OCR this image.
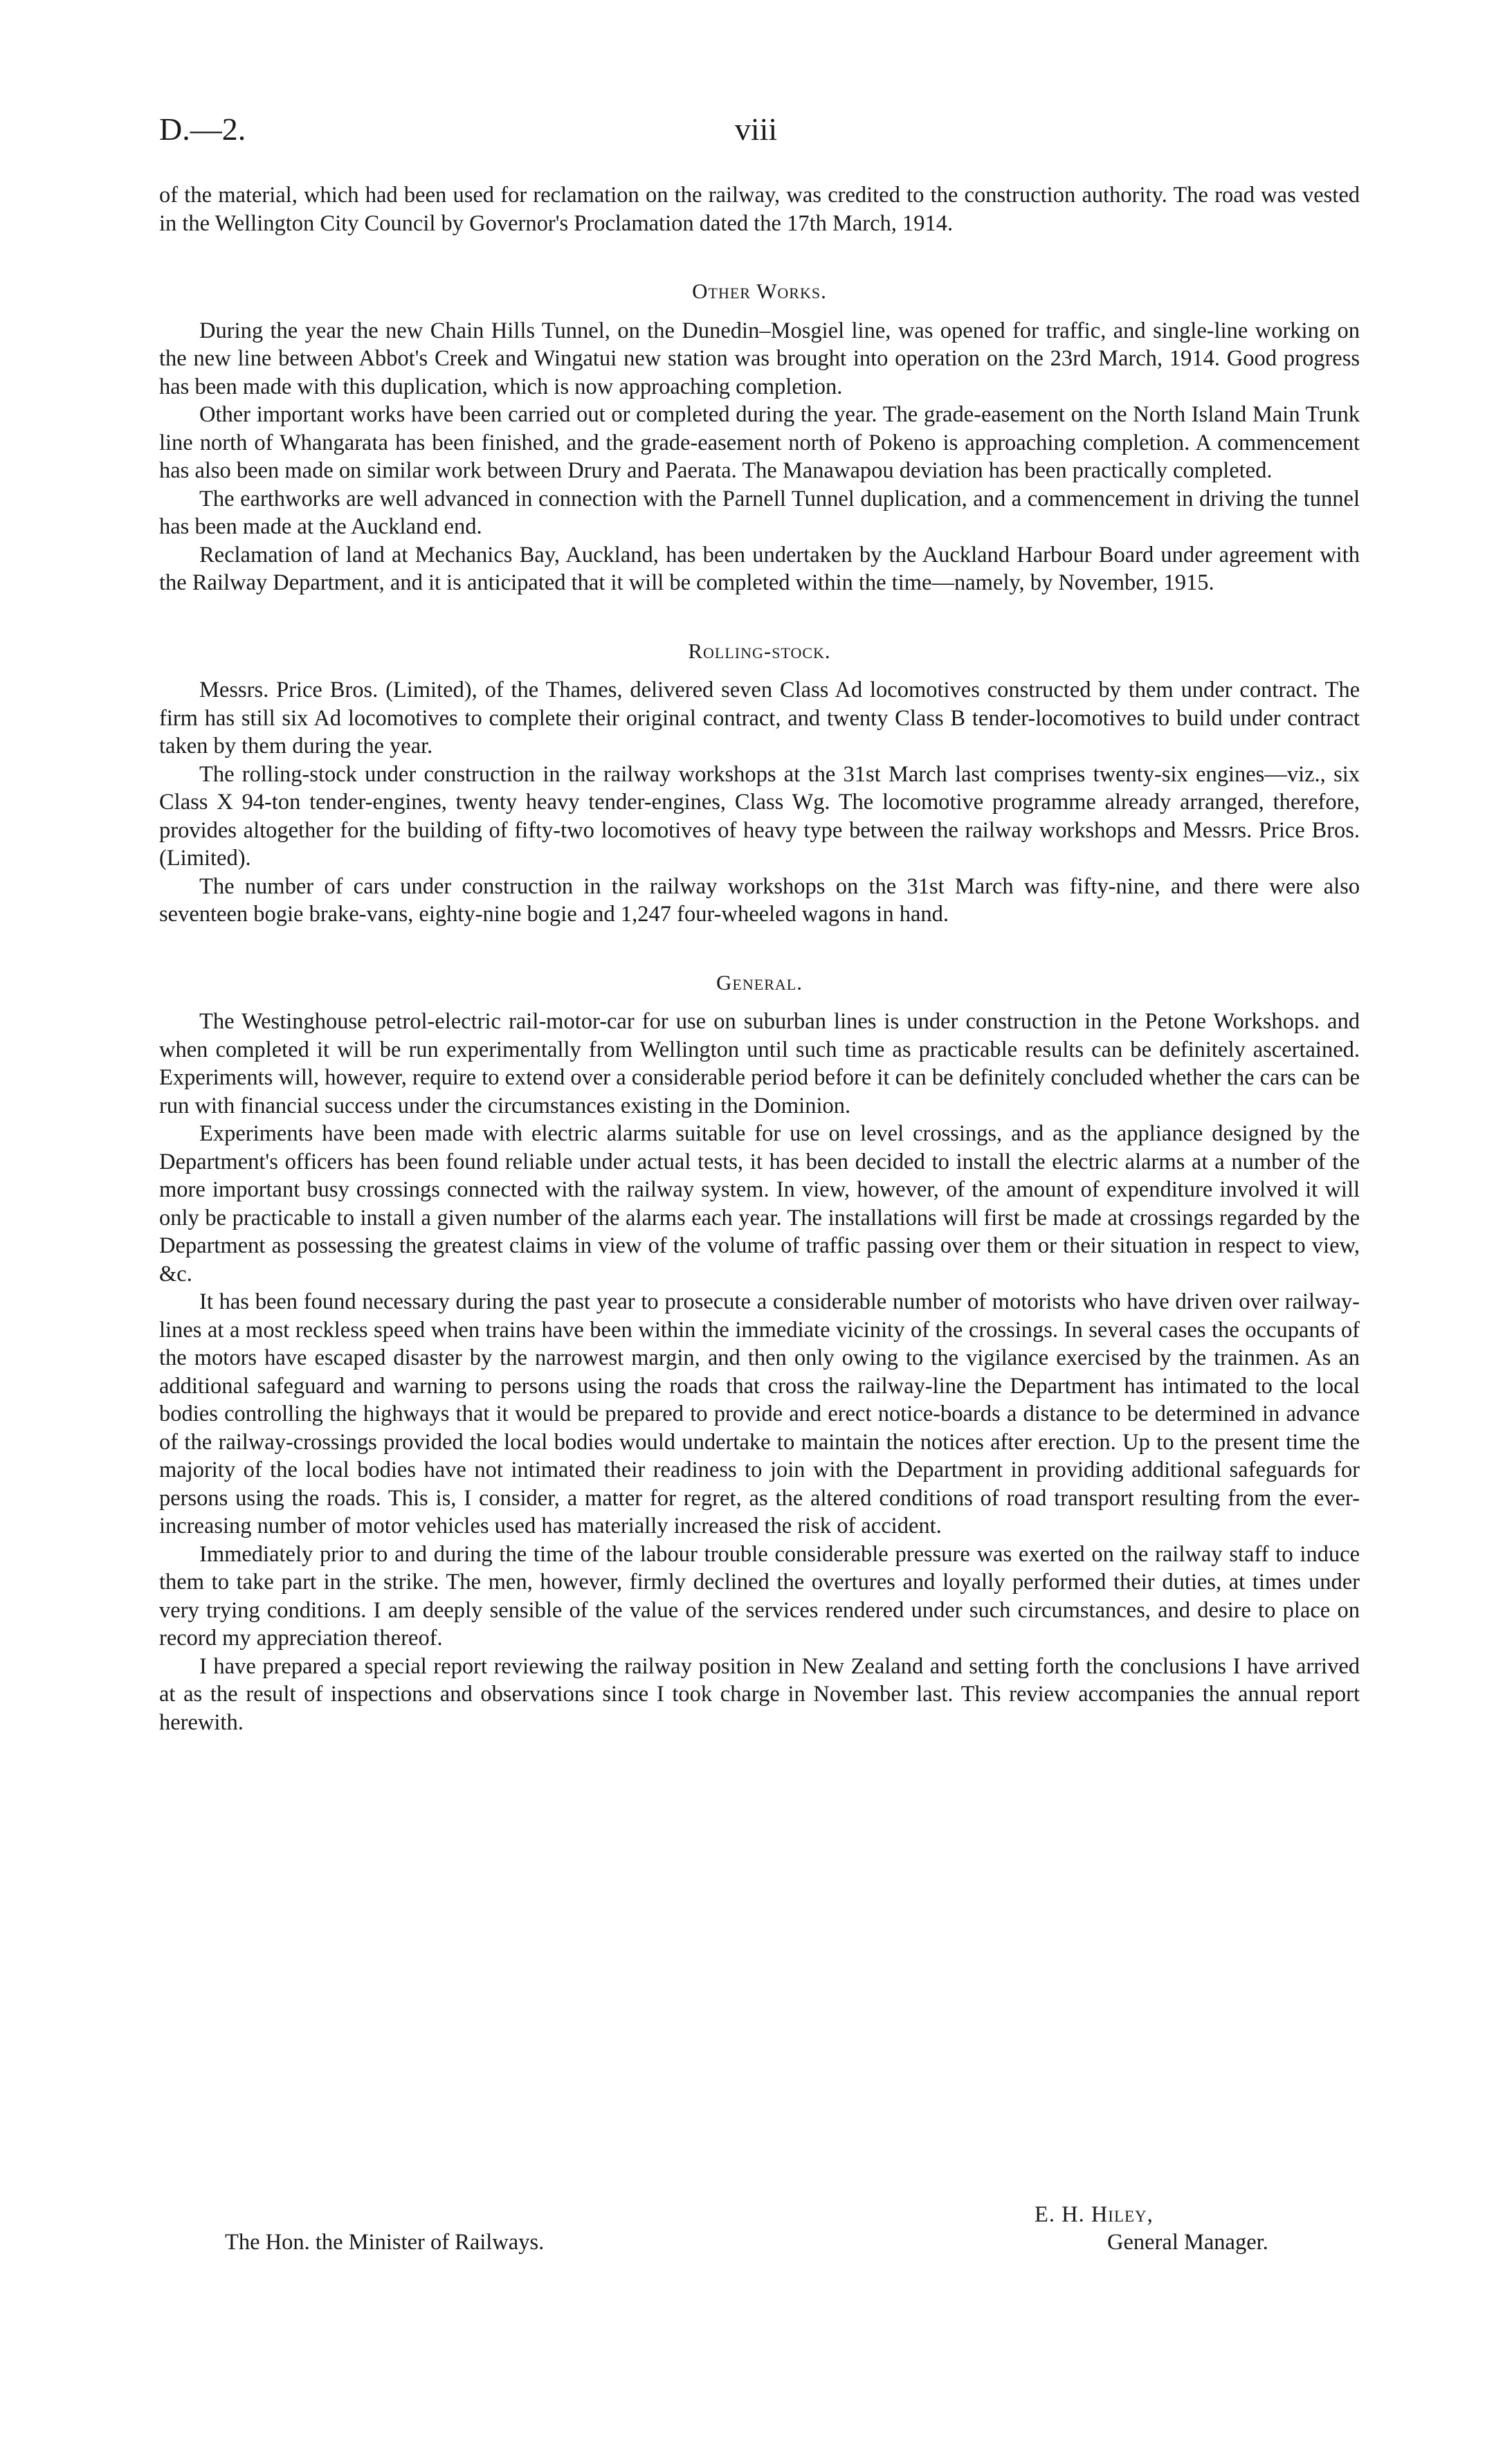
D.—2.	viii

of the material, which had been used for reclamation on the railway, was credited to the construction authority. The road was vested in the Wellington City Council by Governor's Proclamation dated the 17th March, 1914.

Other Works.

During the year the new Chain Hills Tunnel, on the Dunedin–Mosgiel line, was opened for traffic, and single-line working on the new line between Abbot's Creek and Wingatui new station was brought into operation on the 23rd March, 1914. Good progress has been made with this duplication, which is now approaching completion.

Other important works have been carried out or completed during the year. The grade-easement on the North Island Main Trunk line north of Whangarata has been finished, and the grade-easement north of Pokeno is approaching completion. A commencement has also been made on similar work between Drury and Paerata. The Manawapou deviation has been practically completed.

The earthworks are well advanced in connection with the Parnell Tunnel duplication, and a commencement in driving the tunnel has been made at the Auckland end.

Reclamation of land at Mechanics Bay, Auckland, has been undertaken by the Auckland Harbour Board under agreement with the Railway Department, and it is anticipated that it will be completed within the time—namely, by November, 1915.

Rolling-stock.

Messrs. Price Bros. (Limited), of the Thames, delivered seven Class Ad locomotives constructed by them under contract. The firm has still six Ad locomotives to complete their original contract, and twenty Class B tender-locomotives to build under contract taken by them during the year.

The rolling-stock under construction in the railway workshops at the 31st March last comprises twenty-six engines—viz., six Class X 94-ton tender-engines, twenty heavy tender-engines, Class Wg. The locomotive programme already arranged, therefore, provides altogether for the building of fifty-two locomotives of heavy type between the railway workshops and Messrs. Price Bros. (Limited).

The number of cars under construction in the railway workshops on the 31st March was fifty-nine, and there were also seventeen bogie brake-vans, eighty-nine bogie and 1,247 four-wheeled wagons in hand.

General.

The Westinghouse petrol-electric rail-motor-car for use on suburban lines is under construction in the Petone Workshops. and when completed it will be run experimentally from Wellington until such time as practicable results can be definitely ascertained. Experiments will, however, require to extend over a considerable period before it can be definitely concluded whether the cars can be run with financial success under the circumstances existing in the Dominion.

Experiments have been made with electric alarms suitable for use on level crossings, and as the appliance designed by the Department's officers has been found reliable under actual tests, it has been decided to install the electric alarms at a number of the more important busy crossings connected with the railway system. In view, however, of the amount of expenditure involved it will only be practicable to install a given number of the alarms each year. The installations will first be made at crossings regarded by the Department as possessing the greatest claims in view of the volume of traffic passing over them or their situation in respect to view, &c.

It has been found necessary during the past year to prosecute a considerable number of motorists who have driven over railway-lines at a most reckless speed when trains have been within the immediate vicinity of the crossings. In several cases the occupants of the motors have escaped disaster by the narrowest margin, and then only owing to the vigilance exercised by the trainmen. As an additional safeguard and warning to persons using the roads that cross the railway-line the Department has intimated to the local bodies controlling the highways that it would be prepared to provide and erect notice-boards a distance to be determined in advance of the railway-crossings provided the local bodies would undertake to maintain the notices after erection. Up to the present time the majority of the local bodies have not intimated their readiness to join with the Department in providing additional safeguards for persons using the roads. This is, I consider, a matter for regret, as the altered conditions of road transport resulting from the ever-increasing number of motor vehicles used has materially increased the risk of accident.

Immediately prior to and during the time of the labour trouble considerable pressure was exerted on the railway staff to induce them to take part in the strike. The men, however, firmly declined the overtures and loyally performed their duties, at times under very trying conditions. I am deeply sensible of the value of the services rendered under such circumstances, and desire to place on record my appreciation thereof.

I have prepared a special report reviewing the railway position in New Zealand and setting forth the conclusions I have arrived at as the result of inspections and observations since I took charge in November last. This review accompanies the annual report herewith.

The Hon. the Minister of Railways.
E. H. Hiley,
General Manager.
